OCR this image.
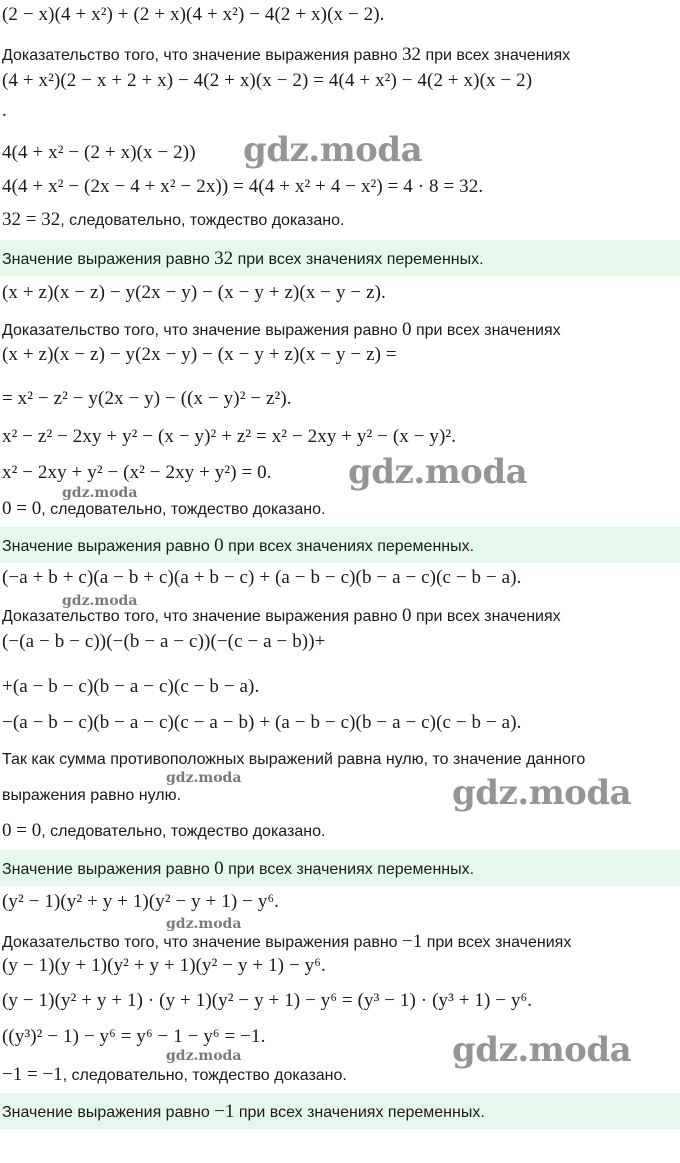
(2 − x)(4 + x²) + (2 + x)(4 + x²) − 4(2 + x)(x − 2).
Доказательство того, что значение выражения равно 32 при всех значениях
(4 + x²)(2 − x + 2 + x) − 4(2 + x)(x − 2) = 4(4 + x²) − 4(2 + x)(x − 2)
.
4(4 + x² − (2 + x)(x − 2))
4(4 + x² − (2x − 4 + x² − 2x)) = 4(4 + x² + 4 − x²) = 4 · 8 = 32.
32 = 32, следовательно, тождество доказано.
Значение выражения равно 32 при всех значениях переменных.
(x + z)(x − z) − y(2x − y) − (x − y + z)(x − y − z).
Доказательство того, что значение выражения равно 0 при всех значениях
(x + z)(x − z) − y(2x − y) − (x − y + z)(x − y − z) =
= x² − z² − y(2x − y) − ((x − y)² − z²).
x² − z² − 2xy + y² − (x − y)² + z² = x² − 2xy + y² − (x − y)².
x² − 2xy + y² − (x² − 2xy + y²) = 0.
0 = 0, следовательно, тождество доказано.
Значение выражения равно 0 при всех значениях переменных.
(−a + b + c)(a − b + c)(a + b − c) + (a − b − c)(b − a − c)(c − b − a).
Доказательство того, что значение выражения равно 0 при всех значениях
(−(a − b − c))(−(b − a − c))(−(c − a − b))+
+(a − b − c)(b − a − c)(c − b − a).
−(a − b − c)(b − a − c)(c − a − b) + (a − b − c)(b − a − c)(c − b − a).
Так как сумма противоположных выражений равна нулю, то значение данного
выражения равно нулю.
0 = 0, следовательно, тождество доказано.
Значение выражения равно 0 при всех значениях переменных.
(y² − 1)(y² + y + 1)(y² − y + 1) − y⁶.
Доказательство того, что значение выражения равно −1 при всех значениях
(y − 1)(y + 1)(y² + y + 1)(y² − y + 1) − y⁶.
(y − 1)(y² + y + 1) · (y + 1)(y² − y + 1) − y⁶ = (y³ − 1) · (y³ + 1) − y⁶.
((y³)² − 1) − y⁶ = y⁶ − 1 − y⁶ = −1.
−1 = −1, следовательно, тождество доказано.
Значение выражения равно −1 при всех значениях переменных.
gdz.moda
gdz.moda
gdz.moda
gdz.moda
gdz.moda
gdz.moda
gdz.moda
gdz.moda
gdz.moda
